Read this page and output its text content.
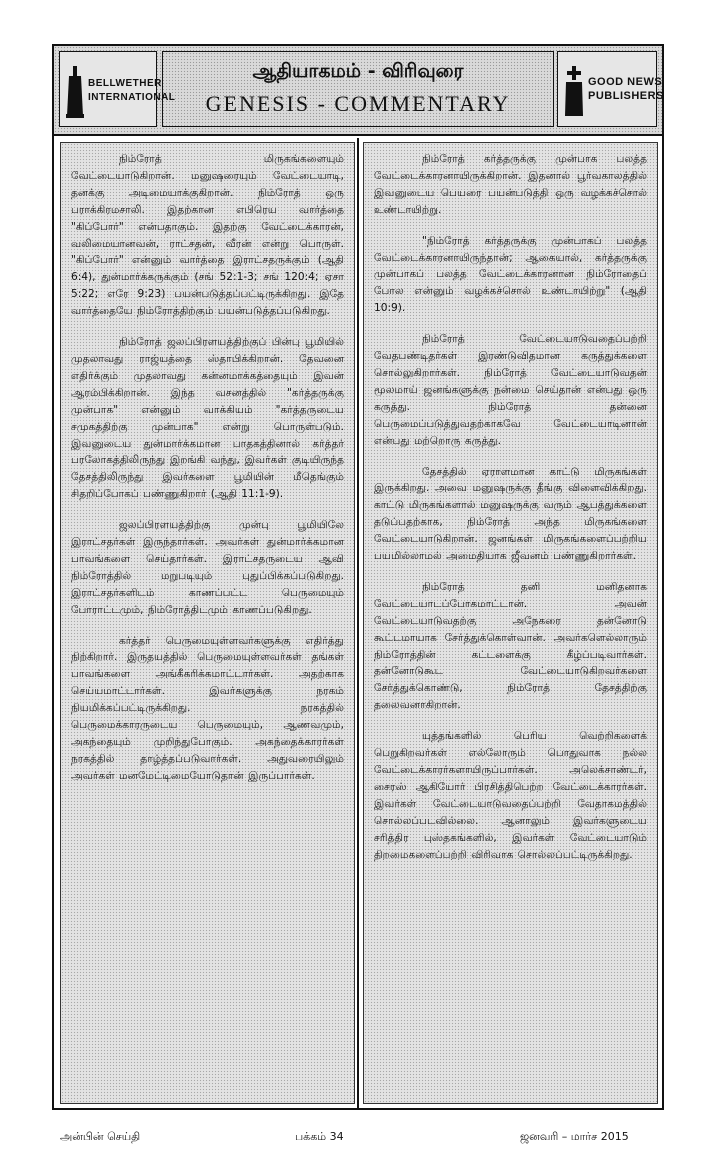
BELLWETHER
INTERNATIONAL
ஆதியாகமம் - விரிவுரை
GENESIS - COMMENTARY
GOOD NEWS
PUBLISHERS

நிம்ரோத் மிருகங்களையும் வேட்டையாடுகிறான். மனுஷரையும் வேட்டையாடி, தனக்கு அடிமையாக்குகிறான். நிம்ரோத் ஒரு பராக்கிரமசாலி. இதற்கான எபிரெய வார்த்தை "கிப்போர்" என்பதாகும். இதற்கு வேட்டைக்காரன், வலிமையானவன், ராட்சதன், வீரன் என்று பொருள். "கிப்போர்" என்னும் வார்த்தை இராட்சதருக்கும் (ஆதி 6:4), துன்மார்க்கருக்கும் (சங் 52:1-3; சங் 120:4; ஏசா 5:22; எரே 9:23) பயன்படுத்தப்பட்டிருக்கிறது. இதே வார்த்தையே நிம்ரோத்திற்கும் பயன்படுத்தப்படுகிறது.

நிம்ரோத் ஜலப்பிரளயத்திற்குப் பின்பு பூமியில் முதலாவது ராஜ்யத்தை ஸ்தாபிக்கிறான். தேவனை எதிர்க்கும் முதலாவது கன்னமாக்கத்தையும் இவன் ஆரம்பிக்கிறான். இந்த வசனத்தில் "கர்த்தருக்கு முன்பாக" என்னும் வாக்கியம் "கர்த்தருடைய சமுகத்திற்கு முன்பாக" என்று பொருள்படும். இவனுடைய துன்மார்க்கமான பாதகத்தினால் கர்த்தர் பரலோகத்திலிருந்து இறங்கி வந்து, இவர்கள் குடியிருந்த தேசத்திலிருந்து இவர்களை பூமியின் மீதெங்கும் சிதறிப்போகப் பண்ணுகிறார் (ஆதி 11:1-9).

ஜலப்பிரளயத்திற்கு முன்பு பூமியிலே இராட்சதர்கள் இருந்தார்கள். அவர்கள் துன்மார்க்கமான பாவங்களை செய்தார்கள். இராட்சதருடைய ஆவி நிம்ரோத்தில் மறுபடியும் புதுப்பிக்கப்படுகிறது. இராட்சதர்களிடம் காணப்பட்ட பெருமையும் போராட்டமும், நிம்ரோத்திடமும் காணப்படுகிறது.

கர்த்தர் பெருமையுள்ளவர்களுக்கு எதிர்த்து நிற்கிறார். இருதயத்தில் பெருமையுள்ளவர்கள் தங்கள் பாவங்களை அங்கீகரிக்கமாட்டார்கள். அதற்காக செய்யமாட்டார்கள். இவர்களுக்கு நரகம் நியமிக்கப்பட்டிருக்கிறது. நரகத்தில் பெருமைக்காரருடைய பெருமையும், ஆணவமும், அகந்தையும் முறிந்துபோகும். அகந்தைக்காரர்கள் நரகத்தில் தாழ்த்தப்படுவார்கள். அதுவரையிலும் அவர்கள் மனமேட்டிமையோடுதான் இருப்பார்கள்.

நிம்ரோத் கர்த்தருக்கு முன்பாக பலத்த வேட்டைக்காரனாயிருக்கிறான். இதனால் பூர்வகாலத்தில் இவனுடைய பெயரை பயன்படுத்தி ஒரு வழக்கச்சொல் உண்டாயிற்று.

"நிம்ரோத் கர்த்தருக்கு முன்பாகப் பலத்த வேட்டைக்காரனாயிருந்தான்; ஆகையால், கர்த்தருக்கு முன்பாகப் பலத்த வேட்டைக்காரனான நிம்ரோதைப் போல என்னும் வழக்கச்சொல் உண்டாயிற்று" (ஆதி 10:9).

நிம்ரோத் வேட்டையாடுவதைப்பற்றி வேதபண்டிதர்கள் இரண்டுவிதமான கருத்துக்களை சொல்லுகிறார்கள். நிம்ரோத் வேட்டையாடுவதன் மூலமாய் ஜனங்களுக்கு நன்மை செய்தான் என்பது ஒரு கருத்து. நிம்ரோத் தன்னை பெருமைப்படுத்துவதற்காகவே வேட்டையாடினான் என்பது மற்றொரு கருத்து.

தேசத்தில் ஏராளமான காட்டு மிருகங்கள் இருக்கிறது. அவை மனுஷருக்கு தீங்கு விளைவிக்கிறது. காட்டு மிருகங்களால் மனுஷருக்கு வரும் ஆபத்துக்களை தடுப்பதற்காக, நிம்ரோத் அந்த மிருகங்களை வேட்டையாடுகிறான். ஜனங்கள் மிருகங்களைப்பற்றிய பயமில்லாமல் அமைதியாக ஜீவனம் பண்ணுகிறார்கள்.

நிம்ரோத் தனி மனிதனாக வேட்டையாடப்போகமாட்டான். அவன் வேட்டையாடுவதற்கு அநேகரை தன்னோடு கூட்டமாயாக சேர்த்துக்கொள்வான். அவர்களெல்லாரும் நிம்ரோத்தின் கட்டளைக்கு கீழ்ப்படிவார்கள். தன்னோடுகூட வேட்டையாடுகிறவர்களை சேர்த்துக்கொண்டு, நிம்ரோத் தேசத்திற்கு தலைவனாகிறான்.

யுத்தங்களில் பெரிய வெற்றிகளைக் பெறுகிறவர்கள் எல்லோரும் பொதுவாக நல்ல வேட்டைக்காரர்களாயிருப்பார்கள். அலெக்சாண்டர், சைரஸ் ஆகியோர் பிரசித்திபெற்ற வேட்டைக்காரர்கள். இவர்கள் வேட்டையாடுவதைப்பற்றி வேதாகமத்தில் சொல்லப்படவில்லை. ஆனாலும் இவர்களுடைய சரித்திர புஸ்தகங்களில், இவர்கள் வேட்டையாடும் திறமைகளைப்பற்றி விரிவாக சொல்லப்பட்டிருக்கிறது.

அன்பின் செய்தி	பக்கம் 34	ஜனவரி – மார்ச 2015
